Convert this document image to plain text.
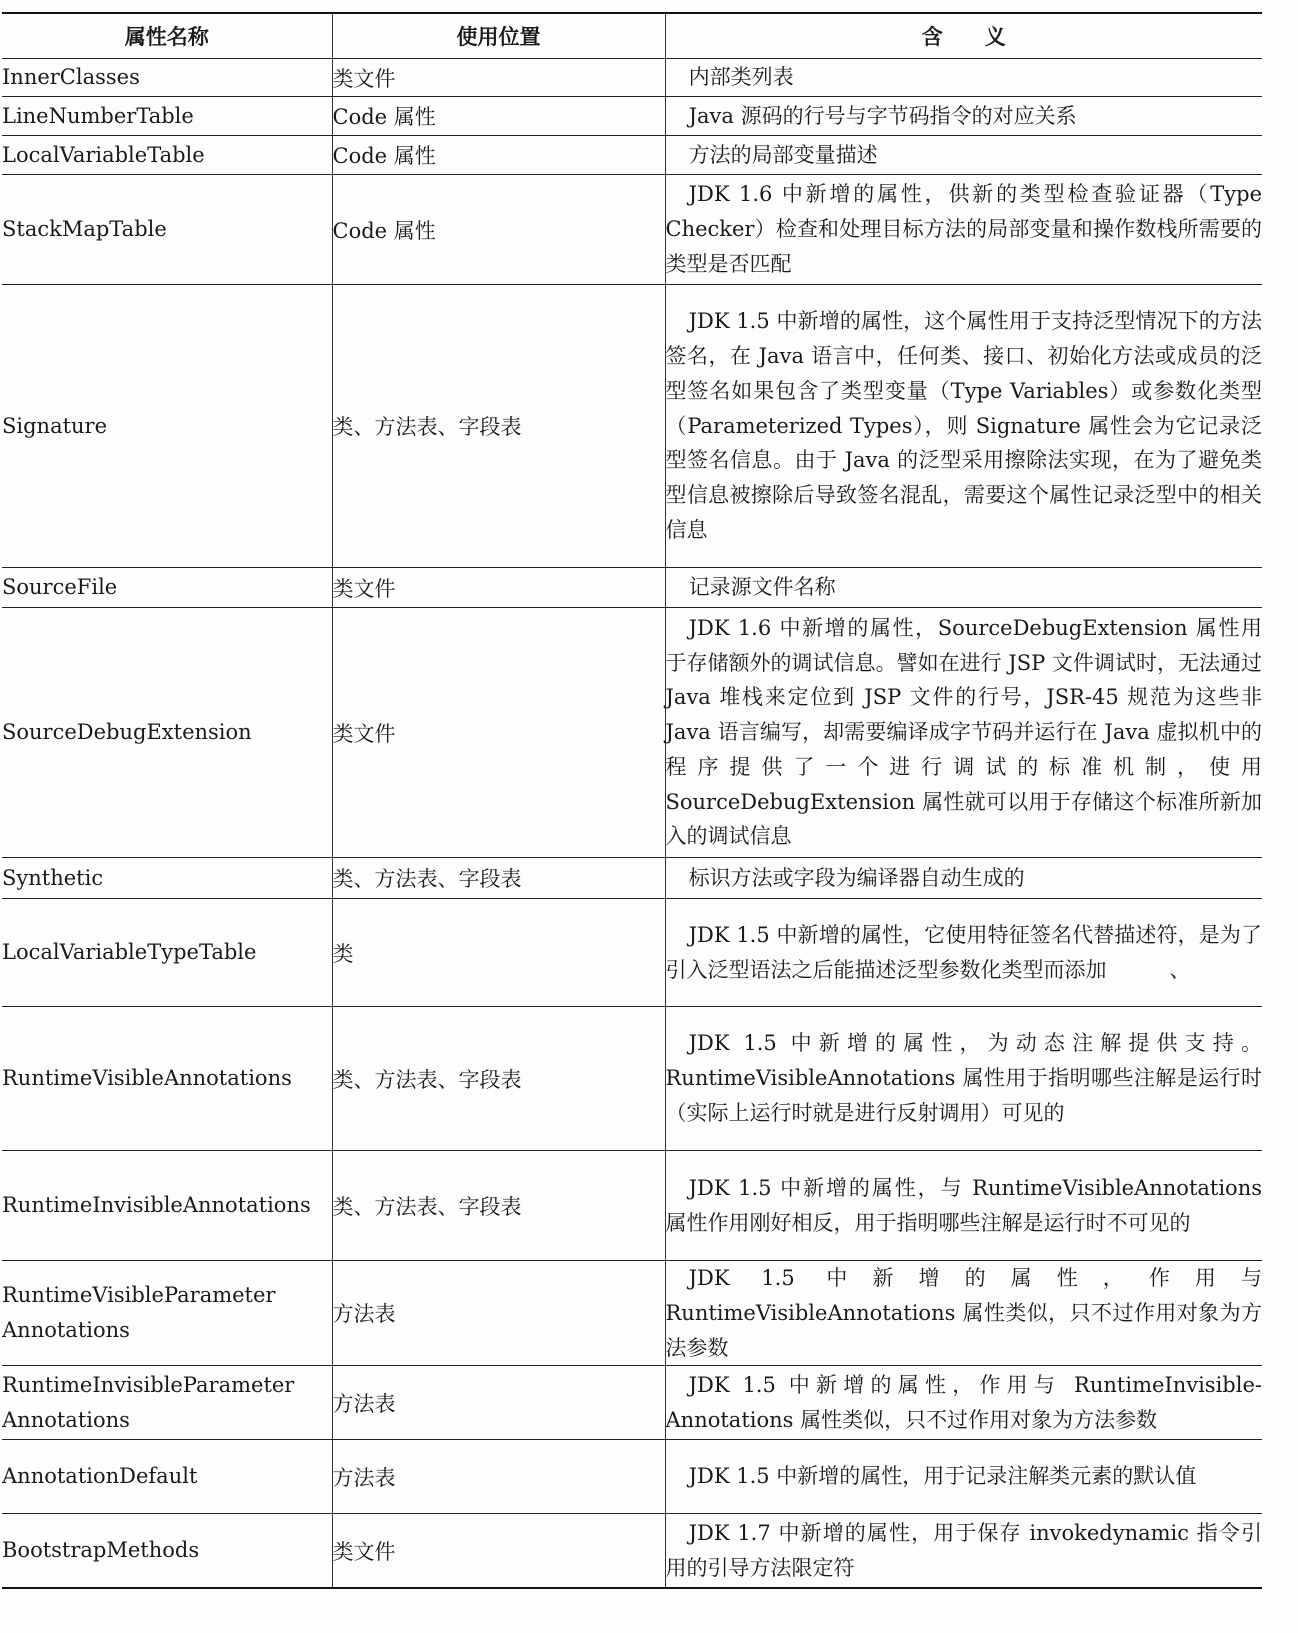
属性名称	使用位置	含　　义
InnerClasses	类文件	内部类列表

LineNumberTable	Code 属性	Java 源码的行号与字节码指令的对应关系

LocalVariableTable	Code 属性	方法的局部变量描述

StackMapTable	Code 属性	JDK 1.6 中新增的属性，供新的类型检查验证器（Type Checker）检查和处理目标方法的局部变量和操作数栈所需要的类型是否匹配

Signature	类、方法表、字段表	JDK 1.5 中新增的属性，这个属性用于支持泛型情况下的方法签名，在 Java 语言中，任何类、接口、初始化方法或成员的泛型签名如果包含了类型变量（Type Variables）或参数化类型（Parameterized Types），则 Signature 属性会为它记录泛型签名信息。由于 Java 的泛型采用擦除法实现，在为了避免类型信息被擦除后导致签名混乱，需要这个属性记录泛型中的相关信息

SourceFile	类文件	记录源文件名称

SourceDebugExtension	类文件	JDK 1.6 中新增的属性，SourceDebugExtension 属性用于存储额外的调试信息。譬如在进行 JSP 文件调试时，无法通过 Java 堆栈来定位到 JSP 文件的行号，JSR-45 规范为这些非 Java 语言编写，却需要编译成字节码并运行在 Java 虚拟机中的程序提供了一个进行调试的标准机制，使用 SourceDebugExtension 属性就可以用于存储这个标准所新加入的调试信息

Synthetic	类、方法表、字段表	标识方法或字段为编译器自动生成的

LocalVariableTypeTable	类	JDK 1.5 中新增的属性，它使用特征签名代替描述符，是为了引入泛型语法之后能描述泛型参数化类型而添加　　　、

RuntimeVisibleAnnotations	类、方法表、字段表	JDK 1.5 中新增的属性，为动态注解提供支持。RuntimeVisibleAnnotations 属性用于指明哪些注解是运行时（实际上运行时就是进行反射调用）可见的

RuntimeInvisibleAnnotations	类、方法表、字段表	JDK 1.5 中新增的属性，与 RuntimeVisibleAnnotations 属性作用刚好相反，用于指明哪些注解是运行时不可见的

RuntimeVisibleParameter Annotations	方法表	JDK 1.5 中新增的属性，作用与 RuntimeVisibleAnnotations 属性类似，只不过作用对象为方法参数

RuntimeInvisibleParameter Annotations	方法表	JDK 1.5 中新增的属性，作用与 RuntimeInvisible-Annotations 属性类似，只不过作用对象为方法参数

AnnotationDefault	方法表	JDK 1.5 中新增的属性，用于记录注解类元素的默认值

BootstrapMethods	类文件	JDK 1.7 中新增的属性，用于保存 invokedynamic 指令引用的引导方法限定符
